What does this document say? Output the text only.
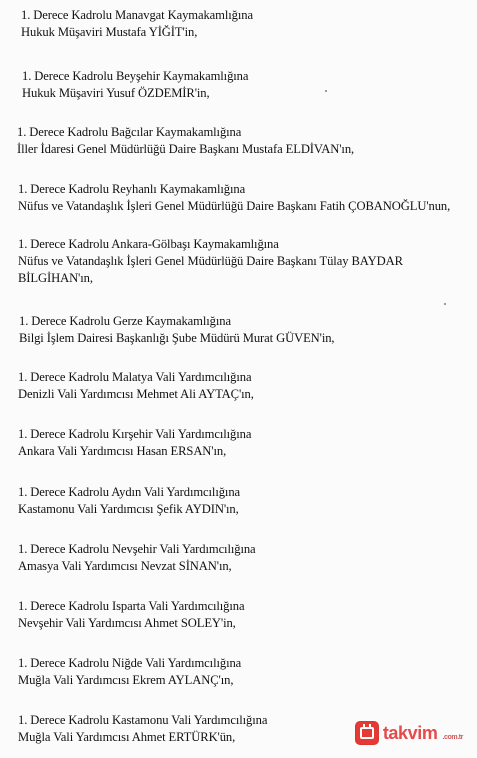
1. Derece Kadrolu Manavgat Kaymakamlığına
Hukuk Müşaviri Mustafa YİĞİT'in,
1. Derece Kadrolu Beyşehir Kaymakamlığına
Hukuk Müşaviri Yusuf ÖZDEMİR'in,
1. Derece Kadrolu Bağcılar Kaymakamlığına
İller İdaresi Genel Müdürlüğü Daire Başkanı Mustafa ELDİVAN'ın,
1. Derece Kadrolu Reyhanlı Kaymakamlığına
Nüfus ve Vatandaşlık İşleri Genel Müdürlüğü Daire Başkanı Fatih ÇOBANOĞLU'nun,
1. Derece Kadrolu Ankara-Gölbaşı Kaymakamlığına
Nüfus ve Vatandaşlık İşleri Genel Müdürlüğü Daire Başkanı Tülay BAYDAR
BİLGİHAN'ın,
1. Derece Kadrolu Gerze Kaymakamlığına
Bilgi İşlem Dairesi Başkanlığı Şube Müdürü Murat GÜVEN'in,
1. Derece Kadrolu Malatya Vali Yardımcılığına
Denizli Vali Yardımcısı Mehmet Ali AYTAÇ'ın,
1. Derece Kadrolu Kırşehir Vali Yardımcılığına
Ankara Vali Yardımcısı Hasan ERSAN'ın,
1. Derece Kadrolu Aydın Vali Yardımcılığına
Kastamonu Vali Yardımcısı Şefik AYDIN'ın,
1. Derece Kadrolu Nevşehir Vali Yardımcılığına
Amasya Vali Yardımcısı Nevzat SİNAN'ın,
1. Derece Kadrolu Isparta Vali Yardımcılığına
Nevşehir Vali Yardımcısı Ahmet SOLEY'in,
1. Derece Kadrolu Niğde Vali Yardımcılığına
Muğla Vali Yardımcısı Ekrem AYLANÇ'ın,
1. Derece Kadrolu Kastamonu Vali Yardımcılığına
Muğla Vali Yardımcısı Ahmet ERTÜRK'ün,	takvim .com.tr
